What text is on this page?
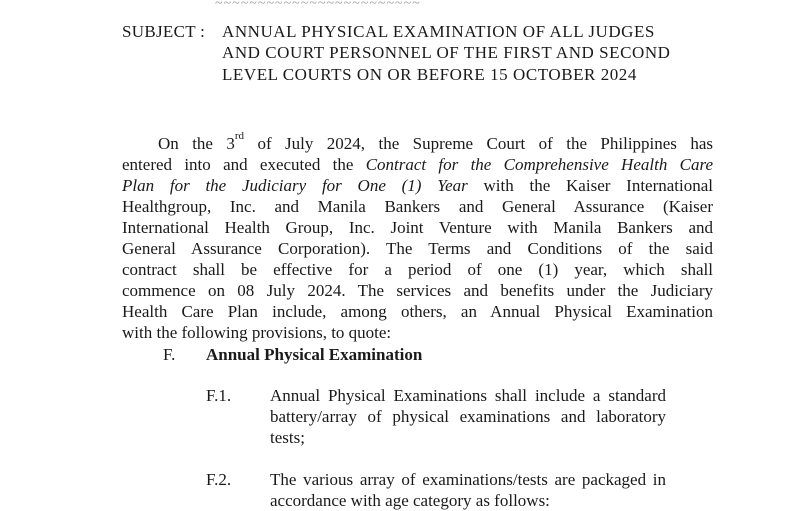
~~~~~~~~~~~~~~~~~~~~~~~~
SUBJECT : ANNUAL PHYSICAL EXAMINATION OF ALL JUDGES
AND COURT PERSONNEL OF THE FIRST AND SECOND
LEVEL COURTS ON OR BEFORE 15 OCTOBER 2024
On the 3rd of July 2024, the Supreme Court of the Philippines has
entered into and executed the Contract for the Comprehensive Health Care
Plan for the Judiciary for One (1) Year with the Kaiser International
Healthgroup, Inc. and Manila Bankers and General Assurance (Kaiser
International Health Group, Inc. Joint Venture with Manila Bankers and
General Assurance Corporation). The Terms and Conditions of the said
contract shall be effective for a period of one (1) year, which shall
commence on 08 July 2024. The services and benefits under the Judiciary
Health Care Plan include, among others, an Annual Physical Examination
with the following provisions, to quote:
F. Annual Physical Examination
F.1. Annual Physical Examinations shall include a standard
battery/array of physical examinations and laboratory
tests;
F.2. The various array of examinations/tests are packaged in
accordance with age category as follows:
